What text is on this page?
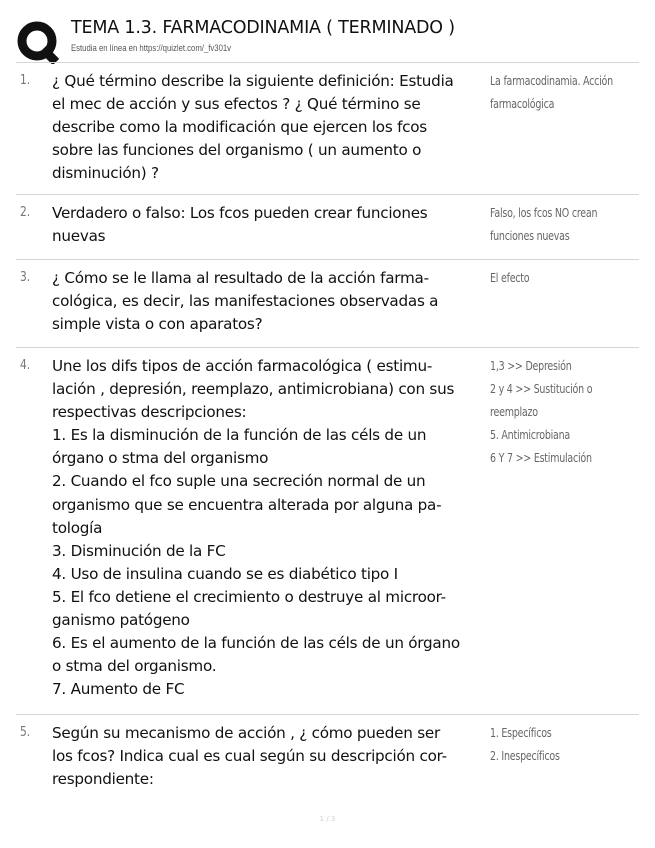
TEMA 1.3. FARMACODINAMIA ( TERMINADO )
Estudia en línea en https://quizlet.com/_fv301v
1. ¿ Qué término describe la siguiente definición: Estudia
el mec de acción y sus efectos ? ¿ Qué término se
describe como la modificación que ejercen los fcos
sobre las funciones del organismo ( un aumento o
disminución) ?
La farmacodinamia. Acción
farmacológica
2. Verdadero o falso: Los fcos pueden crear funciones
nuevas
Falso, los fcos NO crean
funciones nuevas
3. ¿ Cómo se le llama al resultado de la acción farma-
cológica, es decir, las manifestaciones observadas a
simple vista o con aparatos?
El efecto
4. Une los difs tipos de acción farmacológica ( estimu-
lación , depresión, reemplazo, antimicrobiana) con sus
respectivas descripciones:
1. Es la disminución de la función de las céls de un
órgano o stma del organismo
2. Cuando el fco suple una secreción normal de un
organismo que se encuentra alterada por alguna pa-
tología
3. Disminución de la FC
4. Uso de insulina cuando se es diabético tipo I
5. El fco detiene el crecimiento o destruye al microor-
ganismo patógeno
6. Es el aumento de la función de las céls de un órgano
o stma del organismo.
7. Aumento de FC
1,3 >> Depresión
2 y 4 >> Sustitución o
reemplazo
5. Antimicrobiana
6 Y 7 >> Estimulación
5. Según su mecanismo de acción , ¿ cómo pueden ser
los fcos? Indica cual es cual según su descripción cor-
respondiente:
1. Específicos
2. Inespecíficos
1 / 3
